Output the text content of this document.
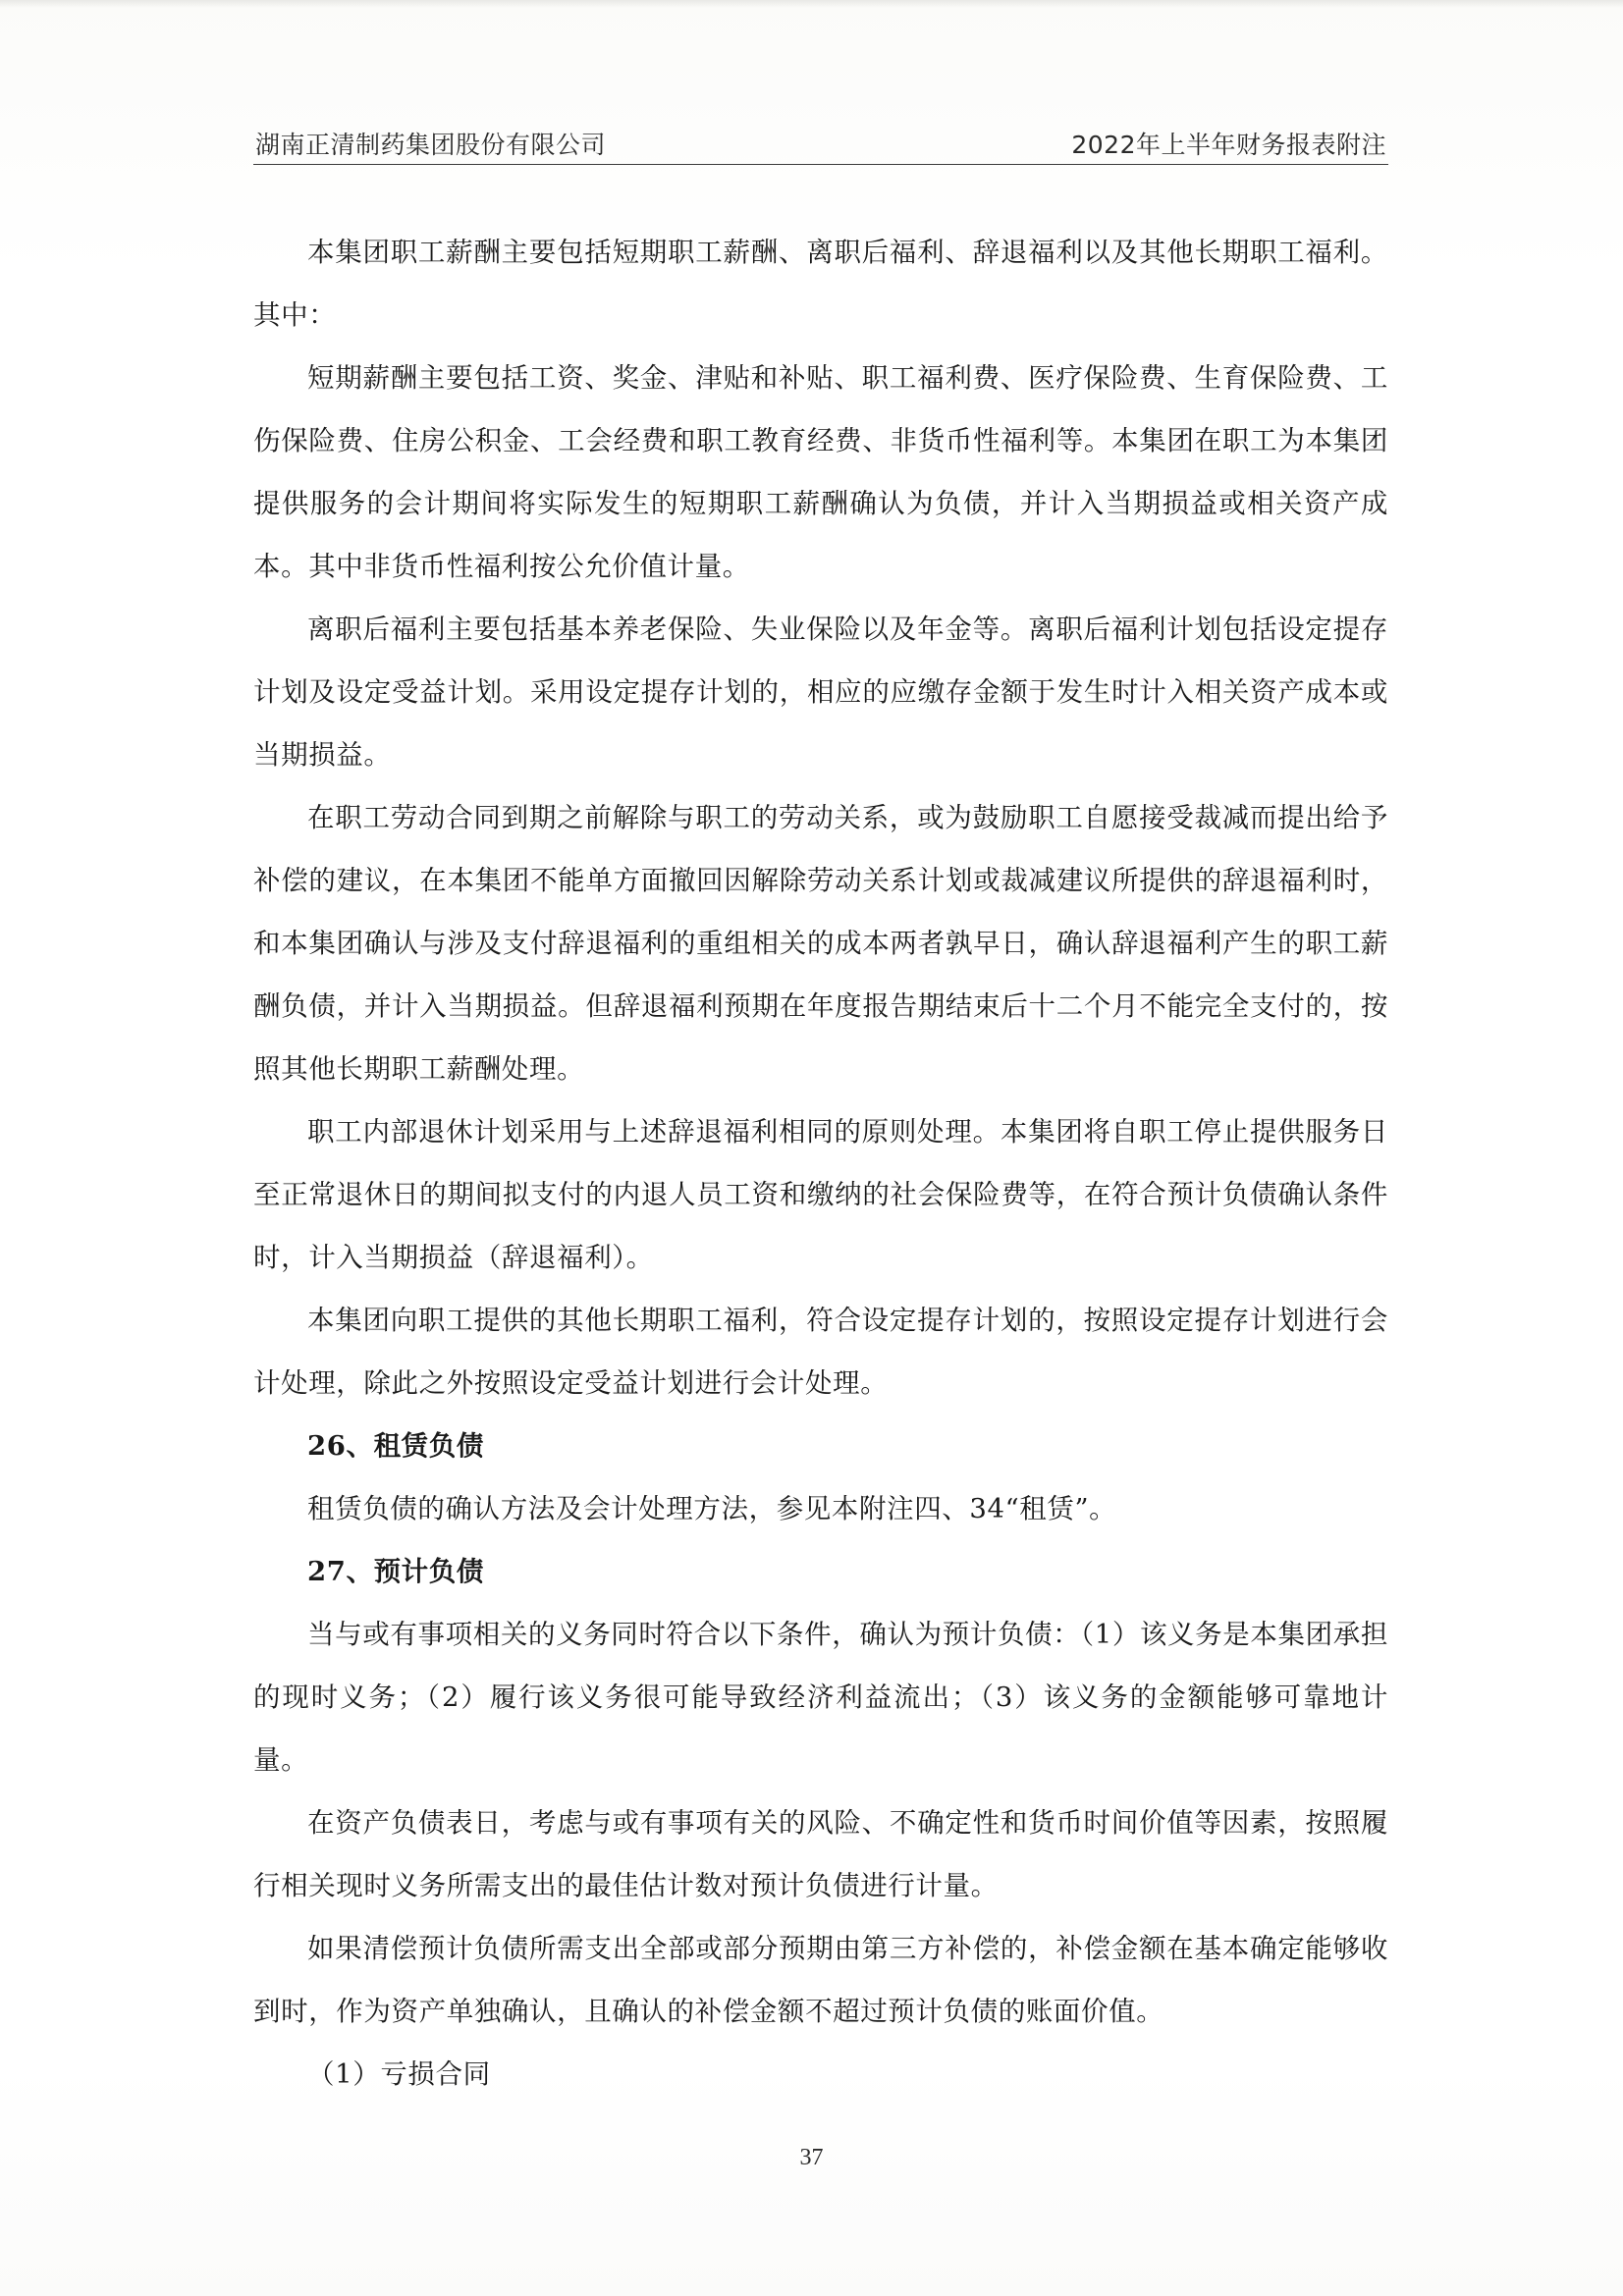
湖南正清制药集团股份有限公司	2022年上半年财务报表附注

本集团职工薪酬主要包括短期职工薪酬、离职后福利、辞退福利以及其他长期职工福利。其中：

短期薪酬主要包括工资、奖金、津贴和补贴、职工福利费、医疗保险费、生育保险费、工伤保险费、住房公积金、工会经费和职工教育经费、非货币性福利等。本集团在职工为本集团提供服务的会计期间将实际发生的短期职工薪酬确认为负债，并计入当期损益或相关资产成本。其中非货币性福利按公允价值计量。

离职后福利主要包括基本养老保险、失业保险以及年金等。离职后福利计划包括设定提存计划及设定受益计划。采用设定提存计划的，相应的应缴存金额于发生时计入相关资产成本或当期损益。

在职工劳动合同到期之前解除与职工的劳动关系，或为鼓励职工自愿接受裁减而提出给予补偿的建议，在本集团不能单方面撤回因解除劳动关系计划或裁减建议所提供的辞退福利时，和本集团确认与涉及支付辞退福利的重组相关的成本两者孰早日，确认辞退福利产生的职工薪酬负债，并计入当期损益。但辞退福利预期在年度报告期结束后十二个月不能完全支付的，按照其他长期职工薪酬处理。

职工内部退休计划采用与上述辞退福利相同的原则处理。本集团将自职工停止提供服务日至正常退休日的期间拟支付的内退人员工资和缴纳的社会保险费等，在符合预计负债确认条件时，计入当期损益（辞退福利）。

本集团向职工提供的其他长期职工福利，符合设定提存计划的，按照设定提存计划进行会计处理，除此之外按照设定受益计划进行会计处理。

26、租赁负债

租赁负债的确认方法及会计处理方法，参见本附注四、34“租赁”。

27、预计负债

当与或有事项相关的义务同时符合以下条件，确认为预计负债：（1）该义务是本集团承担的现时义务；（2）履行该义务很可能导致经济利益流出；（3）该义务的金额能够可靠地计量。

在资产负债表日，考虑与或有事项有关的风险、不确定性和货币时间价值等因素，按照履行相关现时义务所需支出的最佳估计数对预计负债进行计量。

如果清偿预计负债所需支出全部或部分预期由第三方补偿的，补偿金额在基本确定能够收到时，作为资产单独确认，且确认的补偿金额不超过预计负债的账面价值。

（1）亏损合同

37
